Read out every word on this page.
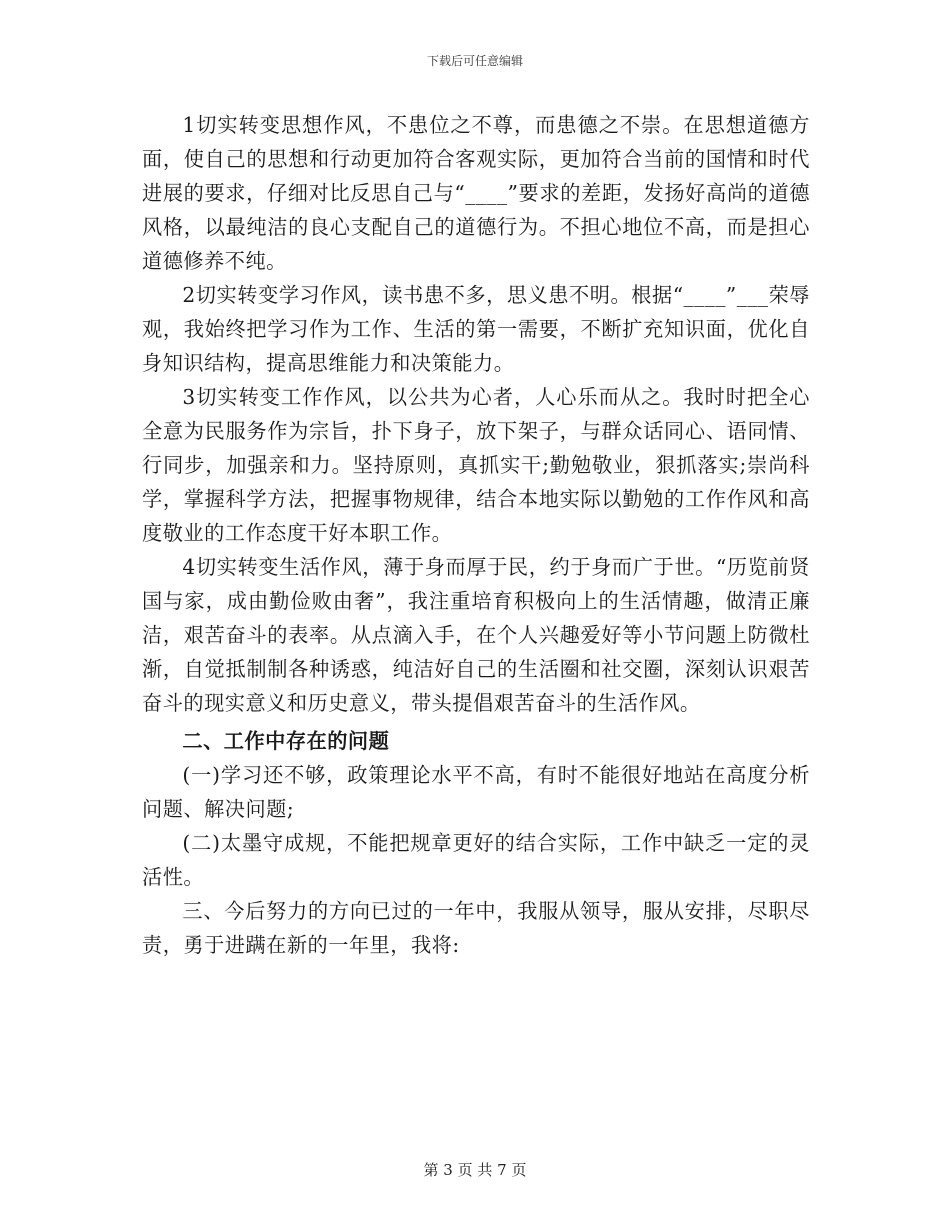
下载后可任意编辑

1切实转变思想作风，不患位之不尊，而患德之不崇。在思想道德方面，使自己的思想和行动更加符合客观实际，更加符合当前的国情和时代进展的要求，仔细对比反思自己与“____”要求的差距，发扬好高尚的道德风格，以最纯洁的良心支配自己的道德行为。不担心地位不高，而是担心道德修养不纯。

2切实转变学习作风，读书患不多，思义患不明。根据“____”___荣辱观，我始终把学习作为工作、生活的第一需要，不断扩充知识面，优化自身知识结构，提高思维能力和决策能力。

3切实转变工作作风，以公共为心者，人心乐而从之。我时时把全心全意为民服务作为宗旨，扑下身子，放下架子，与群众话同心、语同情、行同步，加强亲和力。坚持原则，真抓实干;勤勉敬业，狠抓落实;崇尚科学，掌握科学方法，把握事物规律，结合本地实际以勤勉的工作作风和高度敬业的工作态度干好本职工作。

4切实转变生活作风，薄于身而厚于民，约于身而广于世。“历览前贤国与家，成由勤俭败由奢”，我注重培育积极向上的生活情趣，做清正廉洁，艰苦奋斗的表率。从点滴入手，在个人兴趣爱好等小节问题上防微杜渐，自觉抵制制各种诱惑，纯洁好自己的生活圈和社交圈，深刻认识艰苦奋斗的现实意义和历史意义，带头提倡艰苦奋斗的生活作风。

二、工作中存在的问题

(一)学习还不够，政策理论水平不高，有时不能很好地站在高度分析问题、解决问题;

(二)太墨守成规，不能把规章更好的结合实际，工作中缺乏一定的灵活性。

三、今后努力的方向已过的一年中，我服从领导，服从安排，尽职尽责，勇于进蹒在新的一年里，我将:

第 3 页 共 7 页
